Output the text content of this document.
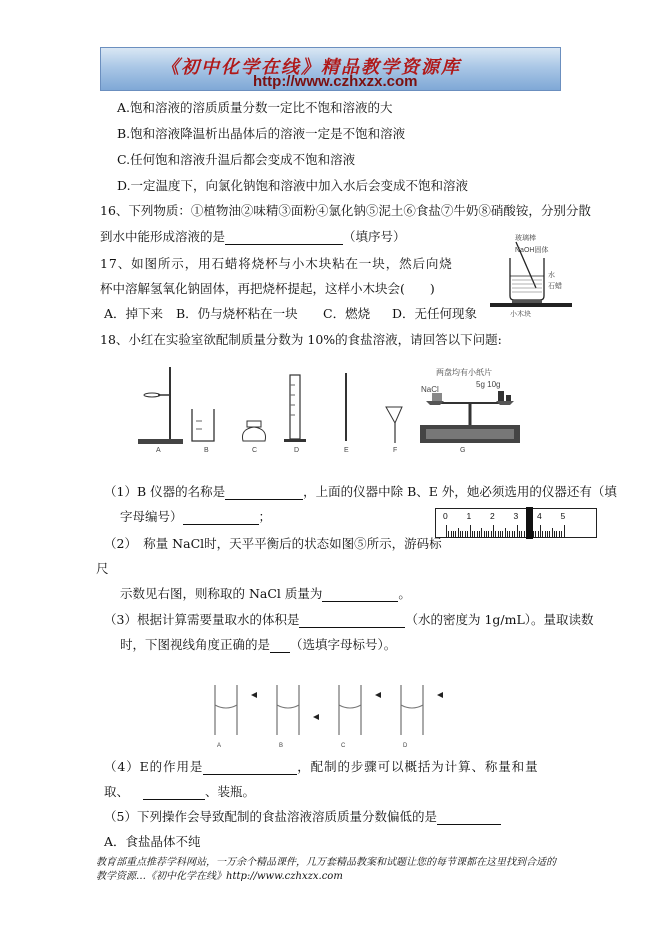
《初中化学在线》精品教学资源库
http://www.czhxzx.com
A.饱和溶液的溶质质量分数一定比不饱和溶液的大
B.饱和溶液降温析出晶体后的溶液一定是不饱和溶液
C.任何饱和溶液升温后都会变成不饱和溶液
D.一定温度下，向氯化钠饱和溶液中加入水后会变成不饱和溶液
16、下列物质：①植物油②味精③面粉④氯化钠⑤泥土⑥食盐⑦牛奶⑧硝酸铵，分别分散
到水中能形成溶液的是	（填序号）
17、如图所示，用石蜡将烧杯与小木块粘在一块，然后向烧
杯中溶解氢氧化钠固体，再把烧杯提起，这样小木块会(　　)
A．掉下来 B．仍与烧杯粘在一块 C．燃烧 D．无任何现象
玻璃棒
NaOH固体
水
石蜡
小木块
18、小红在实验室欲配制质量分数为 10%的食盐溶液，请回答以下问题:
两盘均有小纸片
NaCl
5g 10g
A	B	C	D	E	F	G
（1）B 仪器的名称是	，上面的仪器中除 B、E 外，她必须选用的仪器还有（填
字母编号）	；	0 1 2 3 4 5
（2）　称量 NaCl时，天平平衡后的状态如图⑤所示，游码标
尺
示数见右图，则称取的 NaCl 质量为	。
（3）根据计算需要量取水的体积是	（水的密度为 1g/mL）。量取读数
时，下图视线角度正确的是 （选填字母标号）。
A	B	C	D
（4）E的作用是	，配制的步骤可以概括为计算、称量和量
取、	、装瓶。
（5）下列操作会导致配制的食盐溶液溶质质量分数偏低的是
A．食盐晶体不纯
教育部重点推荐学科网站，一万余个精品课件，几万套精品教案和试题让您的每节课都在这里找到合适的
教学资源…《初中化学在线》http://www.czhxzx.com
